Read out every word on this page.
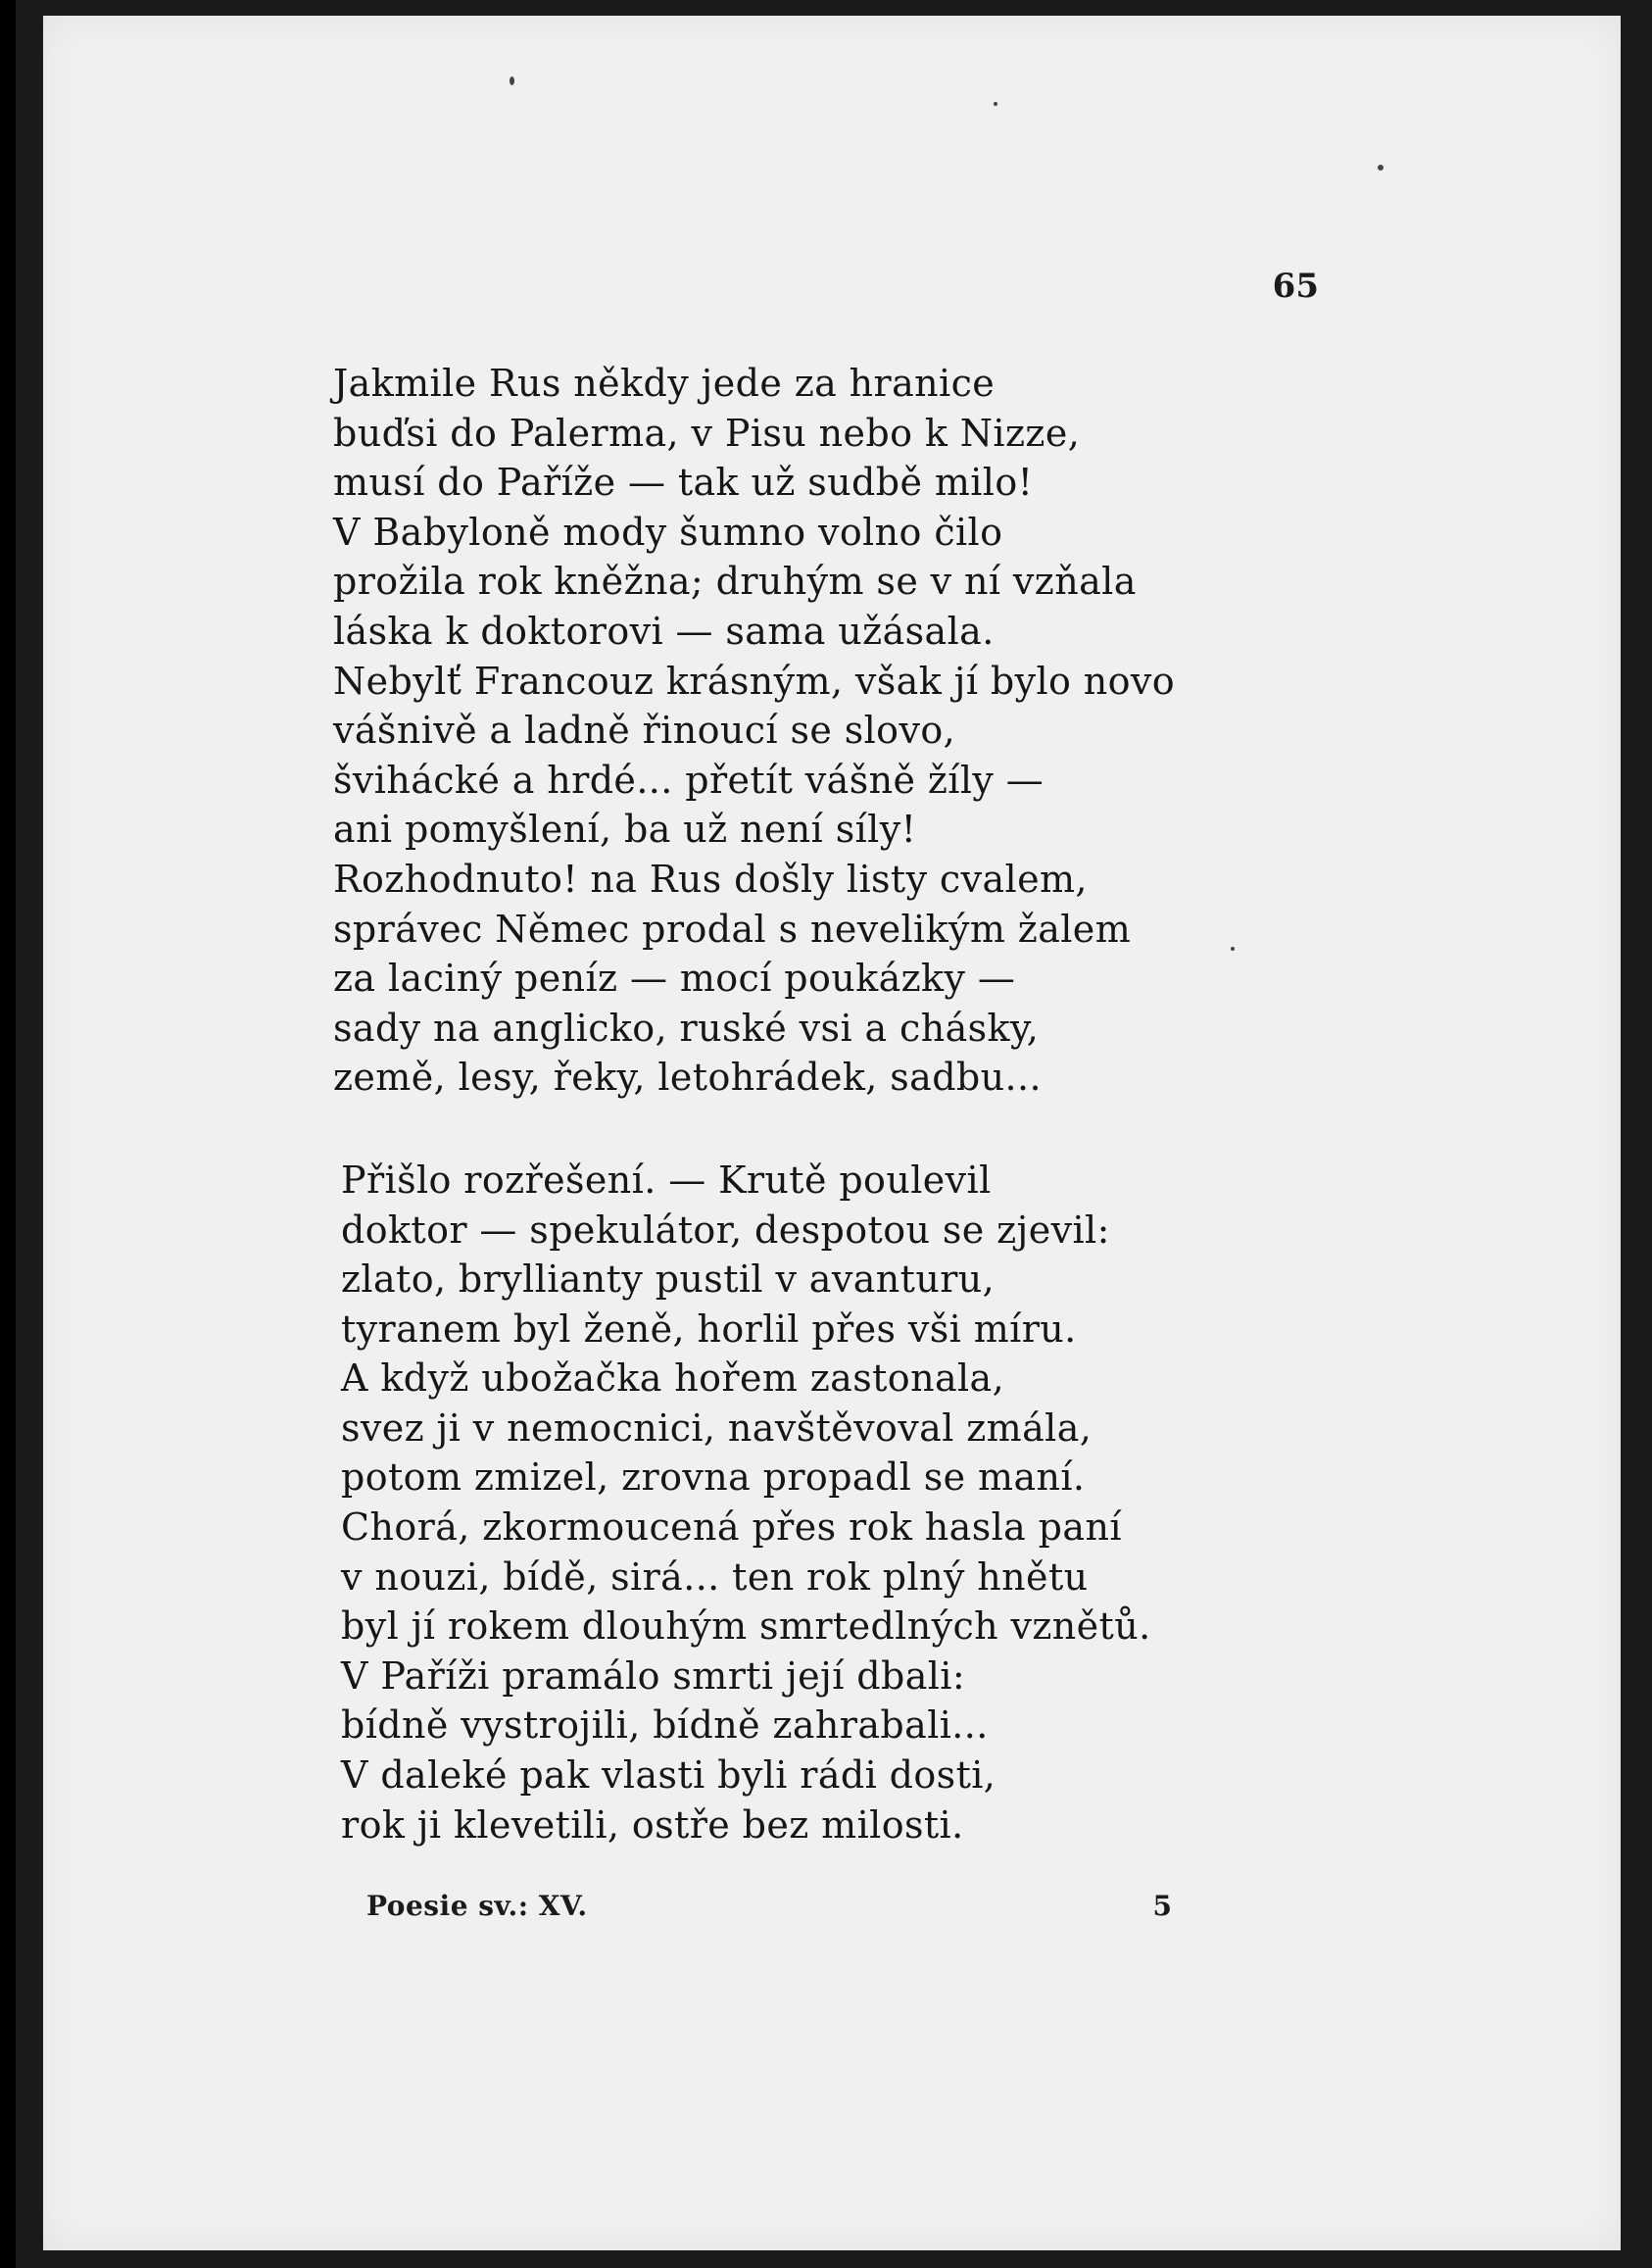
65

Jakmile Rus někdy jede za hranice
buďsi do Palerma, v Pisu nebo k Nizze,
musí do Paříže — tak už sudbě milo!
V Babyloně mody šumno volno čilo
prožila rok kněžna; druhým se v ní vzňala
láska k doktorovi — sama užásala.
Nebylť Francouz krásným, však jí bylo novo
vášnivě a ladně řinoucí se slovo,
švihácké a hrdé... přetít vášně žíly —
ani pomyšlení, ba už není síly!
Rozhodnuto! na Rus došly listy cvalem,
správec Němec prodal s nevelikým žalem
za laciný peníz — mocí poukázky —
sady na anglicko, ruské vsi a chásky,
země, lesy, řeky, letohrádek, sadbu...
Přišlo rozřešení. — Krutě poulevil
doktor — spekulátor, despotou se zjevil:
zlato, bryllianty pustil v avanturu,
tyranem byl ženě, horlil přes vši míru.
A když ubožačka hořem zastonala,
svez ji v nemocnici, navštěvoval zmála,
potom zmizel, zrovna propadl se maní.
Chorá, zkormoucená přes rok hasla paní
v nouzi, bídě, sirá... ten rok plný hnětu
byl jí rokem dlouhým smrtedlných vznětů.
V Paříži pramálo smrti její dbali:
bídně vystrojili, bídně zahrabali...
V daleké pak vlasti byli rádi dosti,
rok ji klevetili, ostře bez milosti.
Poesie sv.: XV.	5
